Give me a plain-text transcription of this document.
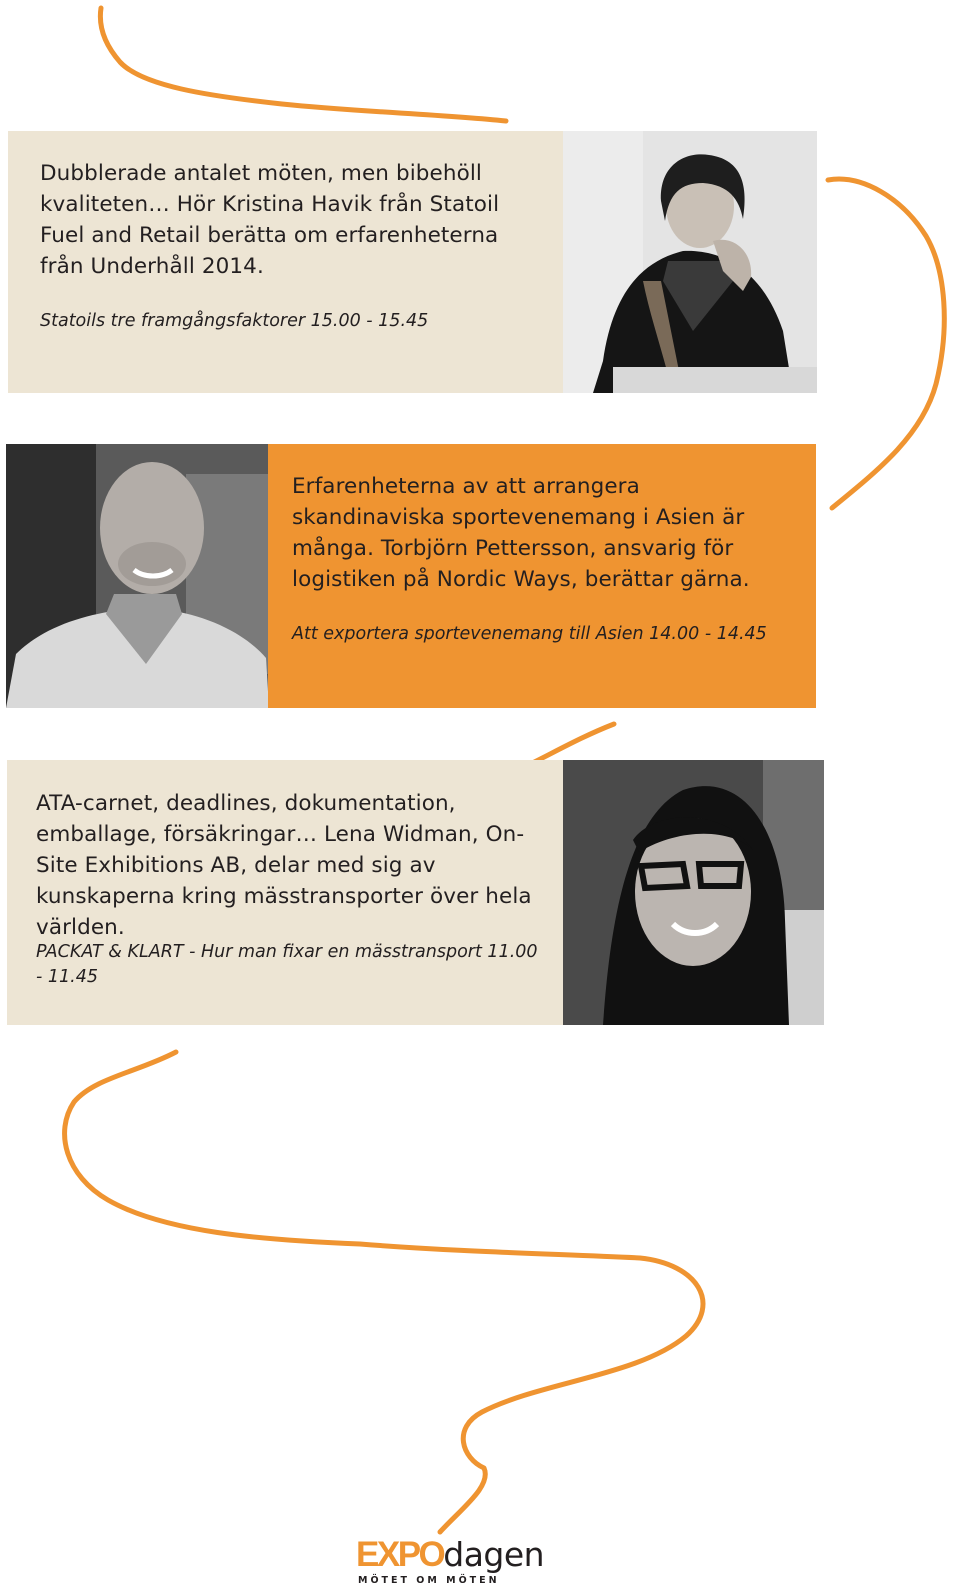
Dubblerade antalet möten, men bibehöll kvaliteten… Hör Kristina Havik från Statoil Fuel and Retail berätta om erfarenheterna från Underhåll 2014.

Statoils tre framgångsfaktorer 15.00 - 15.45

Erfarenheterna av att arrangera skandinaviska sportevenemang i Asien är många. Torbjörn Pettersson, ansvarig för logistiken på Nordic Ways, berättar gärna.

Att exportera sportevenemang till Asien 14.00 - 14.45

ATA-carnet, deadlines, dokumentation, emballage, försäkringar… Lena Widman, On-Site Exhibitions AB, delar med sig av kunskaperna kring mässtransporter över hela världen.

PACKAT & KLART - Hur man fixar en mässtransport 11.00 - 11.45

EXPOdagen
MÖTET OM MÖTEN
